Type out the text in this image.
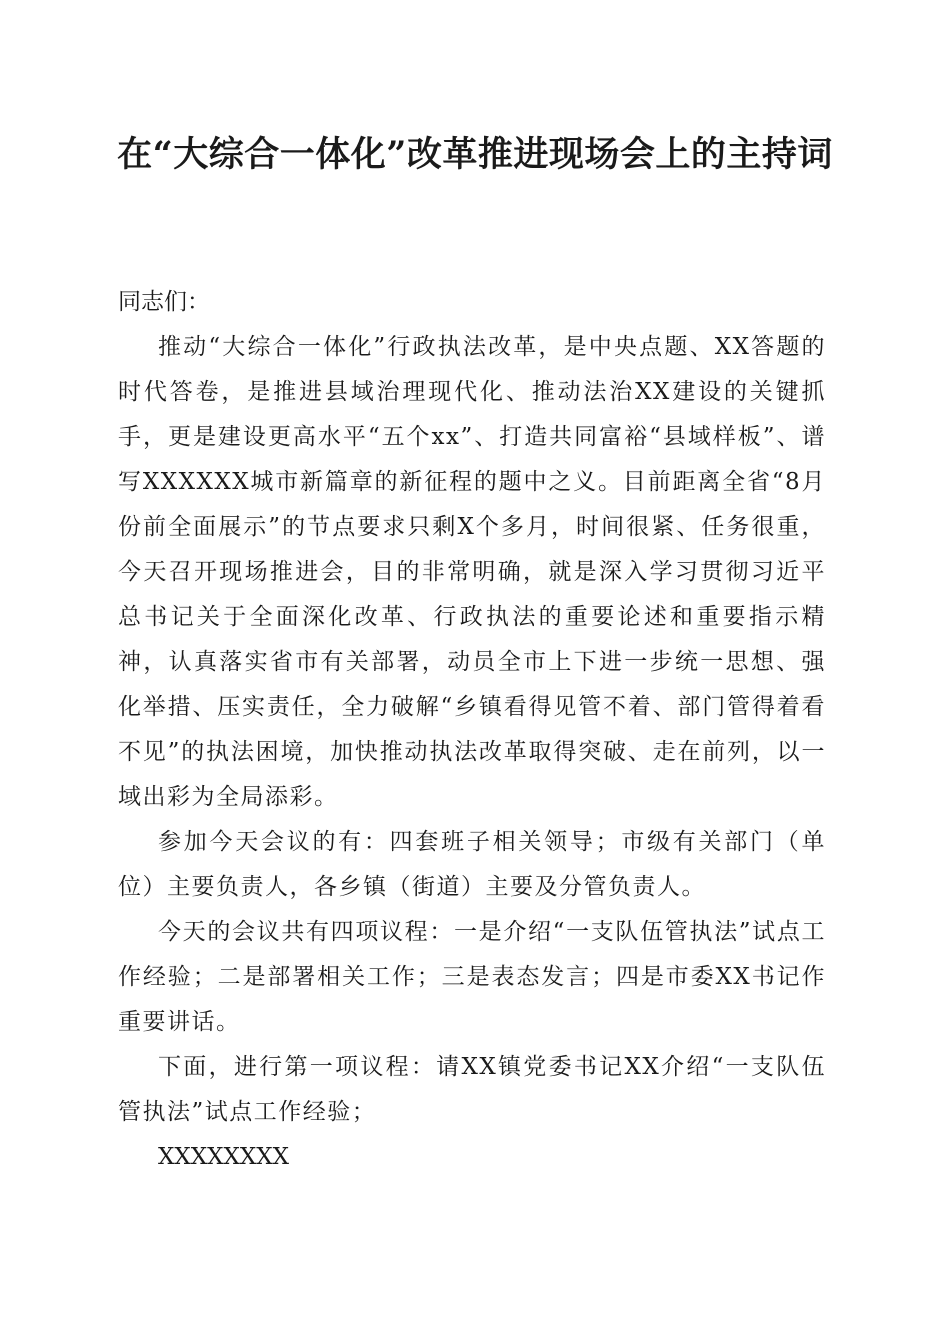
在“大综合一体化”改革推进现场会上的主持词

同志们：

推动“大综合一体化”行政执法改革，是中央点题、XX答题的时代答卷，是推进县域治理现代化、推动法治XX建设的关键抓手，更是建设更高水平“五个xx”、打造共同富裕“县域样板”、谱写XXXXXX城市新篇章的新征程的题中之义。目前距离全省“8月份前全面展示”的节点要求只剩X个多月，时间很紧、任务很重，今天召开现场推进会，目的非常明确，就是深入学习贯彻习近平总书记关于全面深化改革、行政执法的重要论述和重要指示精神，认真落实省市有关部署，动员全市上下进一步统一思想、强化举措、压实责任，全力破解“乡镇看得见管不着、部门管得着看不见”的执法困境，加快推动执法改革取得突破、走在前列，以一域出彩为全局添彩。

参加今天会议的有：四套班子相关领导；市级有关部门（单位）主要负责人，各乡镇（街道）主要及分管负责人。

今天的会议共有四项议程：一是介绍“一支队伍管执法”试点工作经验；二是部署相关工作；三是表态发言；四是市委XX书记作重要讲话。

下面，进行第一项议程：请XX镇党委书记XX介绍“一支队伍管执法”试点工作经验；

XXXXXXXX
